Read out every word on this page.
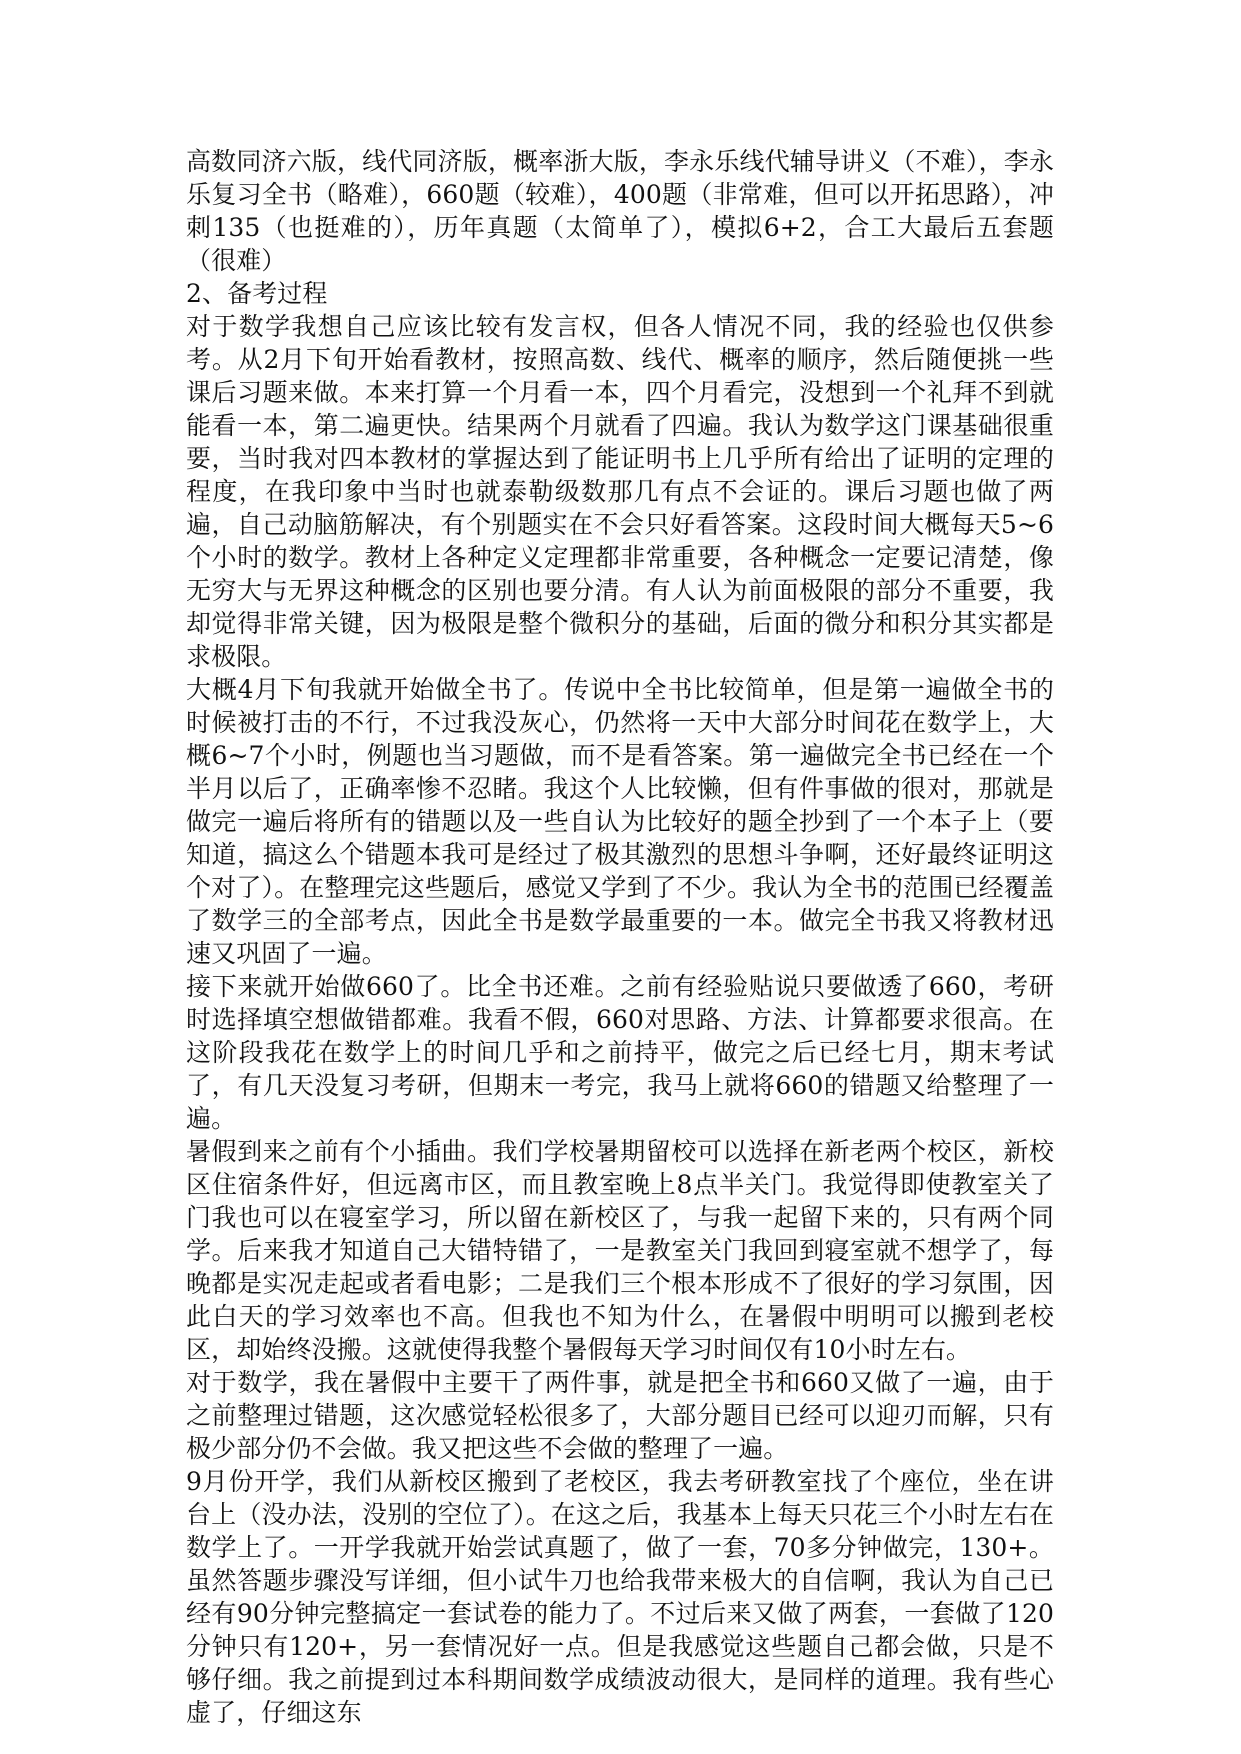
高数同济六版，线代同济版，概率浙大版，李永乐线代辅导讲义（不难），李永乐复习全书（略难），660题（较难），400题（非常难，但可以开拓思路），冲刺135（也挺难的），历年真题（太简单了），模拟6+2，合工大最后五套题（很难）

2、备考过程

对于数学我想自己应该比较有发言权，但各人情况不同，我的经验也仅供参考。从2月下旬开始看教材，按照高数、线代、概率的顺序，然后随便挑一些课后习题来做。本来打算一个月看一本，四个月看完，没想到一个礼拜不到就能看一本，第二遍更快。结果两个月就看了四遍。我认为数学这门课基础很重要，当时我对四本教材的掌握达到了能证明书上几乎所有给出了证明的定理的程度，在我印象中当时也就泰勒级数那几有点不会证的。课后习题也做了两遍，自己动脑筋解决，有个别题实在不会只好看答案。这段时间大概每天5~6个小时的数学。教材上各种定义定理都非常重要，各种概念一定要记清楚，像无穷大与无界这种概念的区别也要分清。有人认为前面极限的部分不重要，我却觉得非常关键，因为极限是整个微积分的基础，后面的微分和积分其实都是求极限。

大概4月下旬我就开始做全书了。传说中全书比较简单，但是第一遍做全书的时候被打击的不行，不过我没灰心，仍然将一天中大部分时间花在数学上，大概6~7个小时，例题也当习题做，而不是看答案。第一遍做完全书已经在一个半月以后了，正确率惨不忍睹。我这个人比较懒，但有件事做的很对，那就是做完一遍后将所有的错题以及一些自认为比较好的题全抄到了一个本子上（要知道，搞这么个错题本我可是经过了极其激烈的思想斗争啊，还好最终证明这个对了）。在整理完这些题后，感觉又学到了不少。我认为全书的范围已经覆盖了数学三的全部考点，因此全书是数学最重要的一本。做完全书我又将教材迅速又巩固了一遍。

接下来就开始做660了。比全书还难。之前有经验贴说只要做透了660，考研时选择填空想做错都难。我看不假，660对思路、方法、计算都要求很高。在这阶段我花在数学上的时间几乎和之前持平，做完之后已经七月，期末考试了，有几天没复习考研，但期末一考完，我马上就将660的错题又给整理了一遍。

暑假到来之前有个小插曲。我们学校暑期留校可以选择在新老两个校区，新校区住宿条件好，但远离市区，而且教室晚上8点半关门。我觉得即使教室关了门我也可以在寝室学习，所以留在新校区了，与我一起留下来的，只有两个同学。后来我才知道自己大错特错了，一是教室关门我回到寝室就不想学了，每晚都是实况走起或者看电影；二是我们三个根本形成不了很好的学习氛围，因此白天的学习效率也不高。但我也不知为什么，在暑假中明明可以搬到老校区，却始终没搬。这就使得我整个暑假每天学习时间仅有10小时左右。

对于数学，我在暑假中主要干了两件事，就是把全书和660又做了一遍，由于之前整理过错题，这次感觉轻松很多了，大部分题目已经可以迎刃而解，只有极少部分仍不会做。我又把这些不会做的整理了一遍。

9月份开学，我们从新校区搬到了老校区，我去考研教室找了个座位，坐在讲台上（没办法，没别的空位了）。在这之后，我基本上每天只花三个小时左右在数学上了。一开学我就开始尝试真题了，做了一套，70多分钟做完，130+。虽然答题步骤没写详细，但小试牛刀也给我带来极大的自信啊，我认为自己已经有90分钟完整搞定一套试卷的能力了。不过后来又做了两套，一套做了120分钟只有120+，另一套情况好一点。但是我感觉这些题自己都会做，只是不够仔细。我之前提到过本科期间数学成绩波动很大，是同样的道理。我有些心虚了，仔细这东
